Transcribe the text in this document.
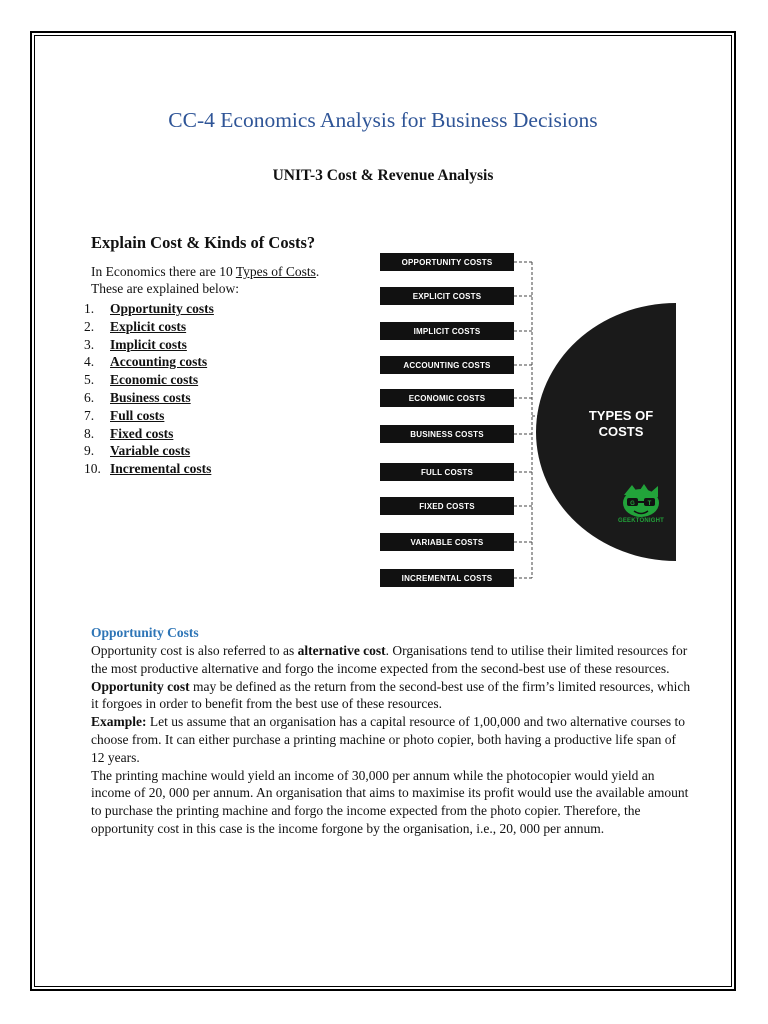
CC-4 Economics Analysis for Business Decisions
UNIT-3 Cost & Revenue Analysis
Explain Cost & Kinds of Costs?

In Economics there are 10 Types of Costs. These are explained below:

1. Opportunity costs
2. Explicit costs
3. Implicit costs
4. Accounting costs
5. Economic costs
6. Business costs
7. Full costs
8. Fixed costs
9. Variable costs
10. Incremental costs
OPPORTUNITY COSTS
EXPLICIT COSTS
IMPLICIT COSTS
ACCOUNTING COSTS
ECONOMIC COSTS
BUSINESS COSTS
FULL COSTS
FIXED COSTS
VARIABLE COSTS
INCREMENTAL COSTS
TYPES OF
COSTS
G T
GEEKTONIGHT
Opportunity Costs

Opportunity cost is also referred to as alternative cost. Organisations tend to utilise their limited resources for the most productive alternative and forgo the income expected from the second-best use of these resources.

Opportunity cost may be defined as the return from the second-best use of the firm’s limited resources, which it forgoes in order to benefit from the best use of these resources.

Example: Let us assume that an organisation has a capital resource of 1,00,000 and two alternative courses to choose from. It can either purchase a printing machine or photo copier, both having a productive life span of 12 years.

The printing machine would yield an income of 30,000 per annum while the photocopier would yield an income of 20, 000 per annum. An organisation that aims to maximise its profit would use the available amount to purchase the printing machine and forgo the income expected from the photo copier. Therefore, the opportunity cost in this case is the income forgone by the organisation, i.e., 20, 000 per annum.
